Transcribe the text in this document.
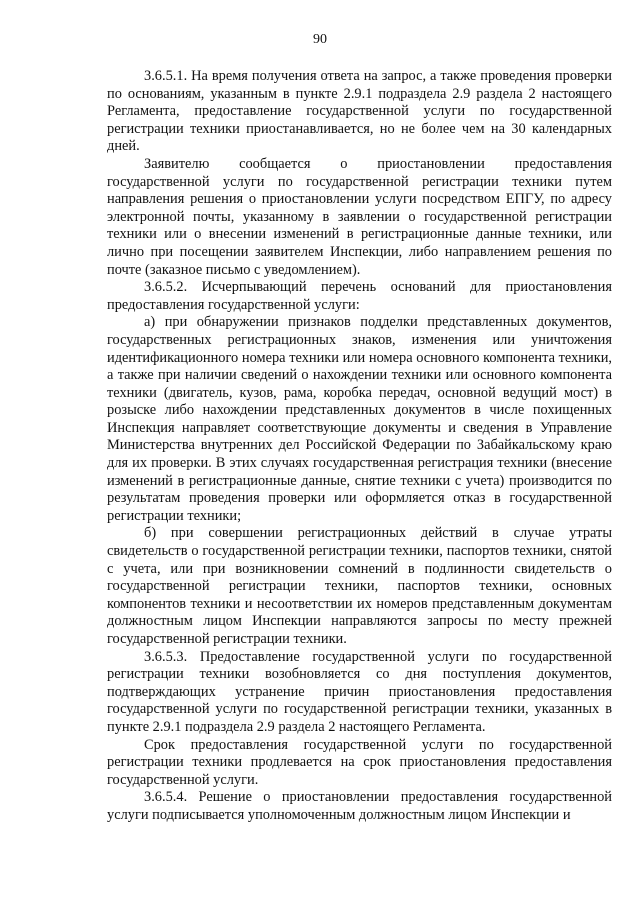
90

3.6.5.1. На время получения ответа на запрос, а также проведения проверки по основаниям, указанным в пункте 2.9.1 подраздела 2.9 раздела 2 настоящего Регламента, предоставление государственной услуги по государственной регистрации техники приостанавливается, но не более чем на 30 календарных дней.

Заявителю сообщается о приостановлении предоставления государственной услуги по государственной регистрации техники путем направления решения о приостановлении услуги посредством ЕПГУ, по адресу электронной почты, указанному в заявлении о государственной регистрации техники или о внесении изменений в регистрационные данные техники, или лично при посещении заявителем Инспекции, либо направлением решения по почте (заказное письмо с уведомлением).

3.6.5.2. Исчерпывающий перечень оснований для приостановления предоставления государственной услуги:

а) при обнаружении признаков подделки представленных документов, государственных регистрационных знаков, изменения или уничтожения идентификационного номера техники или номера основного компонента техники, а также при наличии сведений о нахождении техники или основного компонента техники (двигатель, кузов, рама, коробка передач, основной ведущий мост) в розыске либо нахождении представленных документов в числе похищенных Инспекция направляет соответствующие документы и сведения в Управление Министерства внутренних дел Российской Федерации по Забайкальскому краю для их проверки. В этих случаях государственная регистрация техники (внесение изменений в регистрационные данные, снятие техники с учета) производится по результатам проведения проверки или оформляется отказ в государственной регистрации техники;

б) при совершении регистрационных действий в случае утраты свидетельств о государственной регистрации техники, паспортов техники, снятой с учета, или при возникновении сомнений в подлинности свидетельств о государственной регистрации техники, паспортов техники, основных компонентов техники и несоответствии их номеров представленным документам должностным лицом Инспекции направляются запросы по месту прежней государственной регистрации техники.

3.6.5.3. Предоставление государственной услуги по государственной регистрации техники возобновляется со дня поступления документов, подтверждающих устранение причин приостановления предоставления государственной услуги по государственной регистрации техники, указанных в пункте 2.9.1 подраздела 2.9 раздела 2 настоящего Регламента.

Срок предоставления государственной услуги по государственной регистрации техники продлевается на срок приостановления предоставления государственной услуги.

3.6.5.4. Решение о приостановлении предоставления государственной услуги подписывается уполномоченным должностным лицом Инспекции и
